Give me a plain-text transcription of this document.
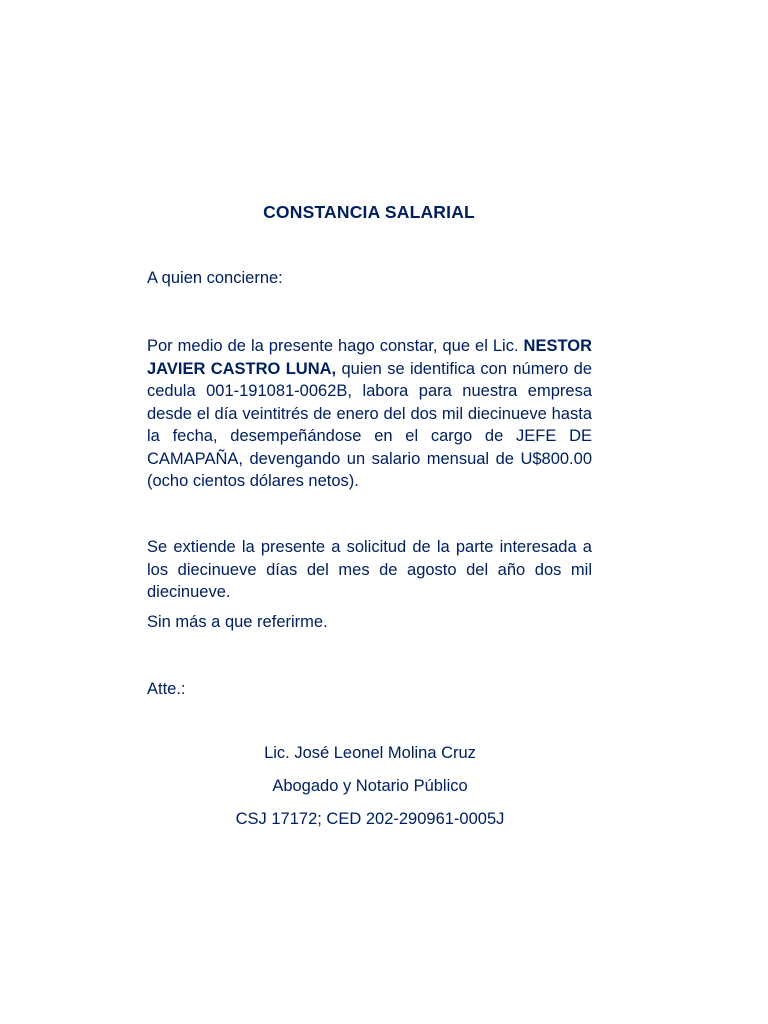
CONSTANCIA SALARIAL
A quien concierne:
Por medio de la presente hago constar, que el Lic. NESTOR JAVIER CASTRO LUNA, quien se identifica con número de cedula 001-191081-0062B, labora para nuestra empresa desde el día veintitrés de enero del dos mil diecinueve hasta la fecha, desempeñándose en el cargo de JEFE DE CAMAPAÑA, devengando un salario mensual de U$800.00 (ocho cientos dólares netos).
Se extiende la presente a solicitud de la parte interesada a los diecinueve días del mes de agosto del año dos mil diecinueve.
Sin más a que referirme.
Atte.:
Lic. José Leonel Molina Cruz
Abogado y Notario Público
CSJ 17172; CED 202-290961-0005J
